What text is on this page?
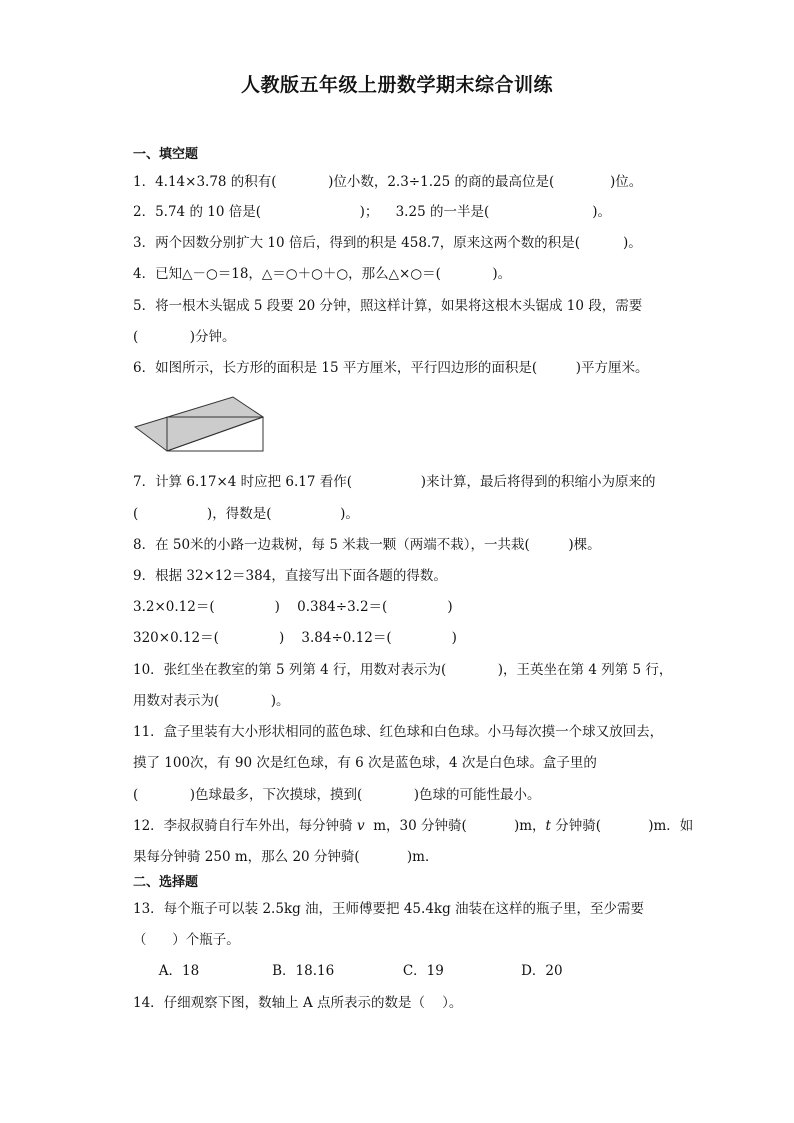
人教版五年级上册数学期末综合训练
一、填空题
1．4.14×3.78 的积有(            )位小数，2.3÷1.25 的商的最高位是(             )位。
2．5.74 的 10 倍是(                       )；    3.25 的一半是(                        )。
3．两个因数分别扩大 10 倍后，得到的积是 458.7，原来这两个数的积是(          )。
4．已知△－○＝18，△＝○＋○＋○，那么△×○＝(            )。
5．将一根木头锯成 5 段要 20 分钟，照这样计算，如果将这根木头锯成 10 段，需要
(            )分钟。
6．如图所示，长方形的面积是 15 平方厘米，平行四边形的面积是(         )平方厘米。
7．计算 6.17×4 时应把 6.17 看作(                )来计算，最后将得到的积缩小为原来的
(                )，得数是(                )。
8．在 50米的小路一边栽树，每 5 米栽一颗（两端不栽），一共栽(         )棵。
9．根据 32×12＝384，直接写出下面各题的得数。
3.2×0.12＝(              )    0.384÷3.2＝(              )
320×0.12＝(              )    3.84÷0.12＝(              )
10．张红坐在教室的第 5 列第 4 行，用数对表示为(            )，王英坐在第 4 列第 5 行，
用数对表示为(            )。
11．盒子里装有大小形状相同的蓝色球、红色球和白色球。小马每次摸一个球又放回去，
摸了 100次，有 90 次是红色球，有 6 次是蓝色球，4 次是白色球。盒子里的
(            )色球最多，下次摸球，摸到(            )色球的可能性最小。
12．李叔叔骑自行车外出，每分钟骑 v  m，30 分钟骑(           )m，t 分钟骑(           )m．如
果每分钟骑 250 m，那么 20 分钟骑(           )m．
二、选择题
13．每个瓶子可以装 2.5kg 油，王师傅要把 45.4kg 油装在这样的瓶子里，至少需要
（      ）个瓶子。
A．18                 B．18.16                C．19                  D．20
14．仔细观察下图，数轴上 A 点所表示的数是（    ）。
